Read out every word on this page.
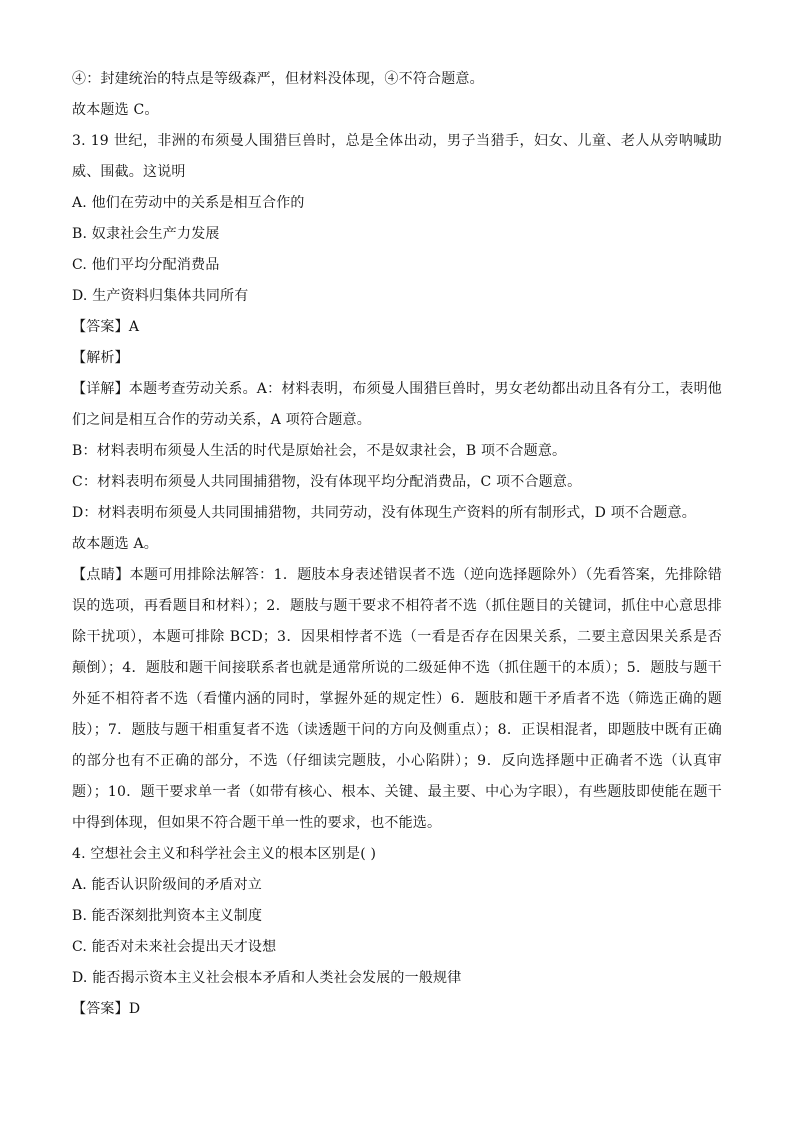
④：封建统治的特点是等级森严，但材料没体现，④不符合题意。
故本题选 C。
3. 19 世纪，非洲的布须曼人围猎巨兽时，总是全体出动，男子当猎手，妇女、儿童、老人从旁呐喊助威、围截。这说明
A. 他们在劳动中的关系是相互合作的
B. 奴隶社会生产力发展
C. 他们平均分配消费品
D. 生产资料归集体共同所有
【答案】A
【解析】
【详解】本题考查劳动关系。A：材料表明，布须曼人围猎巨兽时，男女老幼都出动且各有分工，表明他们之间是相互合作的劳动关系，A 项符合题意。
B：材料表明布须曼人生活的时代是原始社会，不是奴隶社会，B 项不合题意。
C：材料表明布须曼人共同围捕猎物，没有体现平均分配消费品，C 项不合题意。
D：材料表明布须曼人共同围捕猎物，共同劳动，没有体现生产资料的所有制形式，D 项不合题意。
故本题选 A。
【点睛】本题可用排除法解答：1．题肢本身表述错误者不选（逆向选择题除外）（先看答案，先排除错误的选项，再看题目和材料）；2．题肢与题干要求不相符者不选（抓住题目的关键词，抓住中心意思排除干扰项），本题可排除 BCD；3．因果相悖者不选（一看是否存在因果关系，二要主意因果关系是否颠倒）；4．题肢和题干间接联系者也就是通常所说的二级延伸不选（抓住题干的本质）；5．题肢与题干外延不相符者不选（看懂内涵的同时，掌握外延的规定性）6．题肢和题干矛盾者不选（筛选正确的题肢）；7．题肢与题干相重复者不选（读透题干问的方向及侧重点）；8．正误相混者，即题肢中既有正确的部分也有不正确的部分，不选（仔细读完题肢，小心陷阱）；9．反向选择题中正确者不选（认真审题）；10．题干要求单一者（如带有核心、根本、关键、最主要、中心为字眼），有些题肢即使能在题干中得到体现，但如果不符合题干单一性的要求，也不能选。
4. 空想社会主义和科学社会主义的根本区别是( )
A. 能否认识阶级间的矛盾对立
B. 能否深刻批判资本主义制度
C. 能否对未来社会提出天才设想
D. 能否揭示资本主义社会根本矛盾和人类社会发展的一般规律
【答案】D
